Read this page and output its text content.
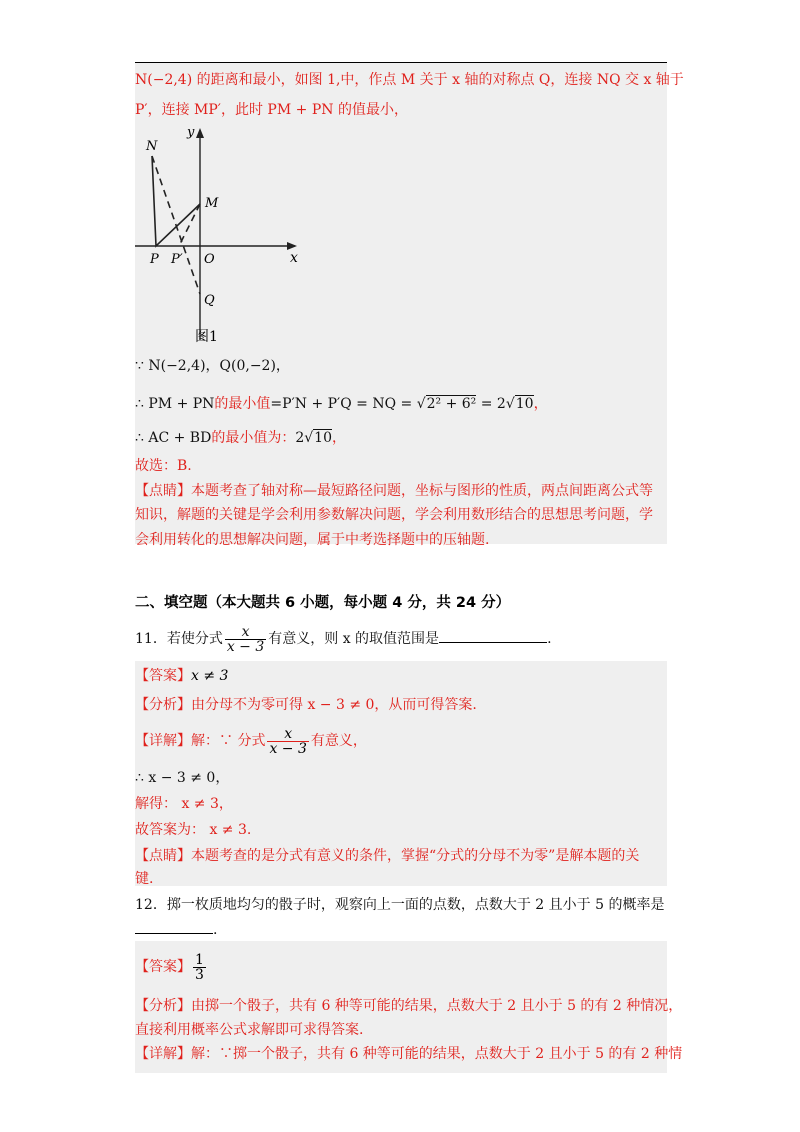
N(−2,4) 的距离和最小，如图 1,中，作点 M 关于 x 轴的对称点 Q，连接 NQ 交 x 轴于
P′，连接 MP′，此时 PM + PN 的值最小，
y
x
N
M
P P′ O
Q
图1
∵ N(−2,4)，Q(0,−2)，
∴ PM + PN的最小值=P′N + P′Q = NQ = √2² + 6² = 2√10，
∴ AC + BD的最小值为：2√10，
故选：B.
【点睛】本题考查了轴对称—最短路径问题，坐标与图形的性质，两点间距离公式等
知识，解题的关键是学会利用参数解决问题，学会利用数形结合的思想思考问题，学
会利用转化的思想解决问题，属于中考选择题中的压轴题.
二、填空题（本大题共 6 小题，每小题 4 分，共 24 分）
11．若使分式 $\frac{x}{x - 3}$ 有意义，则 x 的取值范围是	.
【答案】x ≠ 3
【分析】由分母不为零可得 x − 3 ≠ 0，从而可得答案.
【详解】解：∵ 分式 $\frac{x}{x - 3}$ 有意义，
∴ x − 3 ≠ 0，
解得： x ≠ 3，
故答案为： x ≠ 3.
【点睛】本题考查的是分式有意义的条件，掌握“分式的分母不为零”是解本题的关
键.
12．掷一枚质地均匀的骰子时，观察向上一面的点数，点数大于 2 且小于 5 的概率是
.
【答案】 $\frac{1}{3}$
【分析】由掷一个骰子，共有 6 种等可能的结果，点数大于 2 且小于 5 的有 2 种情况，
直接利用概率公式求解即可求得答案.
【详解】解：∵掷一个骰子，共有 6 种等可能的结果，点数大于 2 且小于 5 的有 2 种情
